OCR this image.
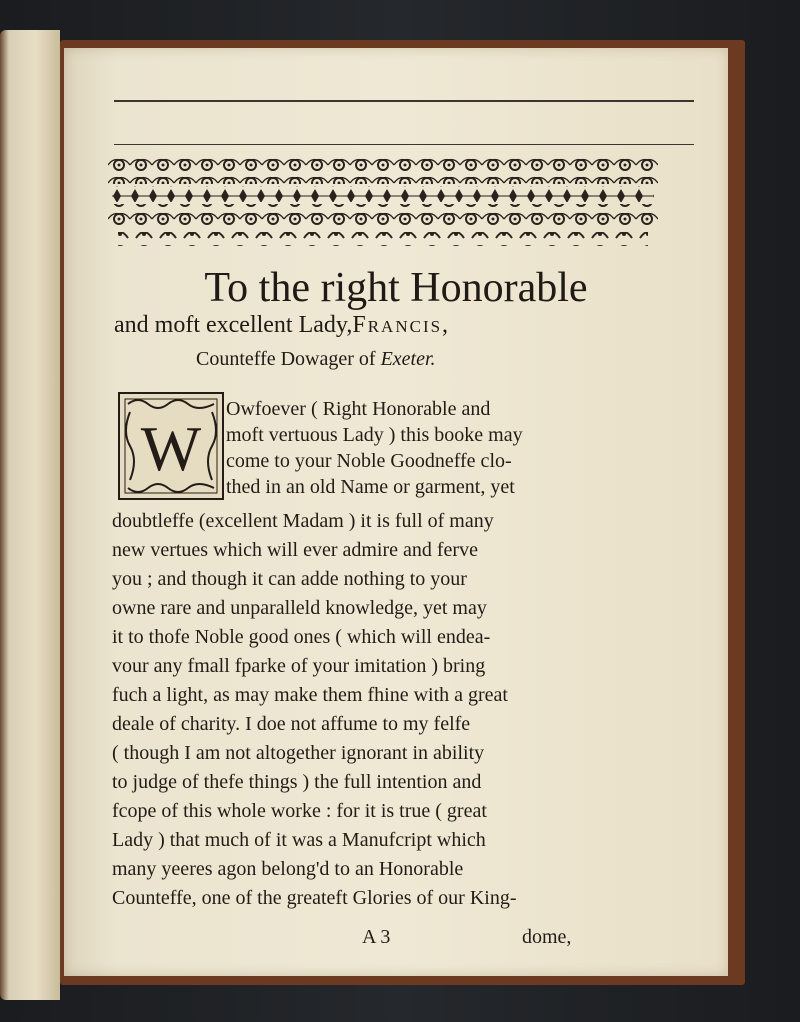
To the right Honorable
and moft excellent Lady,Francis,
Counteffe Dowager of Exeter.
W
Owfoever ( Right Honorable and
moft vertuous Lady ) this booke may
come to your Noble Goodneffe clo-
thed in an old Name or garment, yet
doubtleffe (excellent Madam ) it is full of many
new vertues which will ever admire and ferve
you ; and though it can adde nothing to your
owne rare and unparalleld knowledge, yet may
it to thofe Noble good ones ( which will endea-
vour any fmall fparke of your imitation ) bring
fuch a light, as may make them fhine with a great
deale of charity. I doe not affume to my felfe
( though I am not altogether ignorant in ability
to judge of thefe things ) the full intention and
fcope of this whole worke : for it is true ( great
Lady ) that much of it was a Manufcript which
many yeeres agon belong'd to an Honorable
Counteffe, one of the greateft Glories of our King-
A 3	dome,
